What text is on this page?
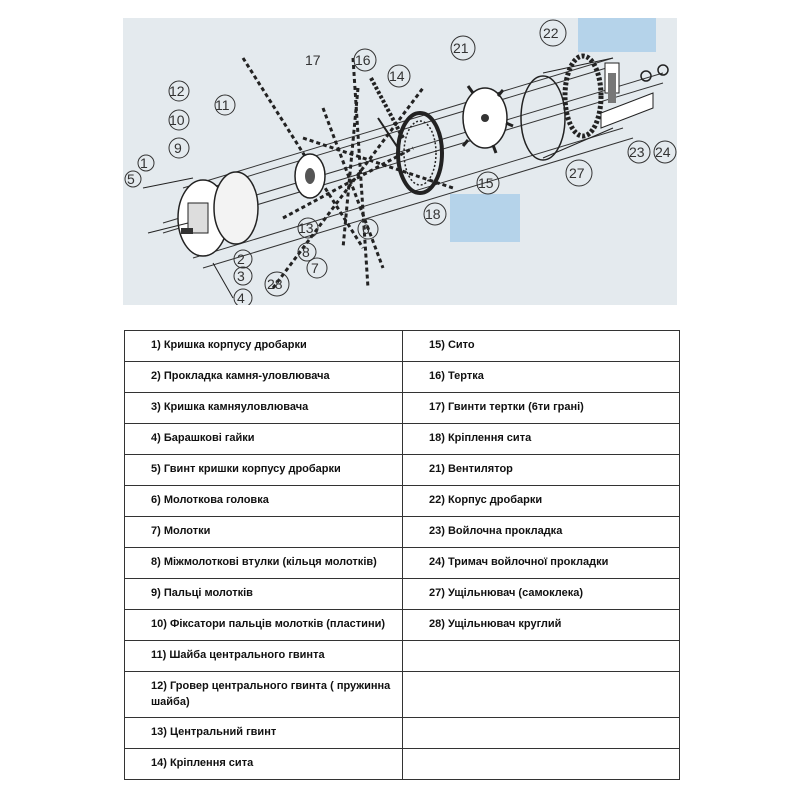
1
2
3
4
5
6
7
8
9
10
11
12
13
14
15
16
17
18
21
22
23 24
27
28
1) Кришка корпусу дробарки	15) Сито
2) Прокладка камня-уловлювача	16) Тертка
3) Кришка камняуловлювача	17) Гвинти тертки (6ти грані)
4) Барашкові гайки	18) Кріплення сита
5) Гвинт кришки корпусу дробарки	21) Вентилятор
6) Молоткова головка	22) Корпус дробарки
7) Молотки	23) Войлочна прокладка
8) Міжмолоткові втулки (кільця молотків)	24) Тримач войлочної прокладки
9) Пальці молотків	27) Ущільнювач (самоклека)
10) Фіксатори пальців молотків (пластини)	28) Ущільнювач круглий
11) Шайба центрального гвинта	
12) Гровер центрального гвинта ( пружинна шайба)	
13) Центральний гвинт	
14) Кріплення сита	
